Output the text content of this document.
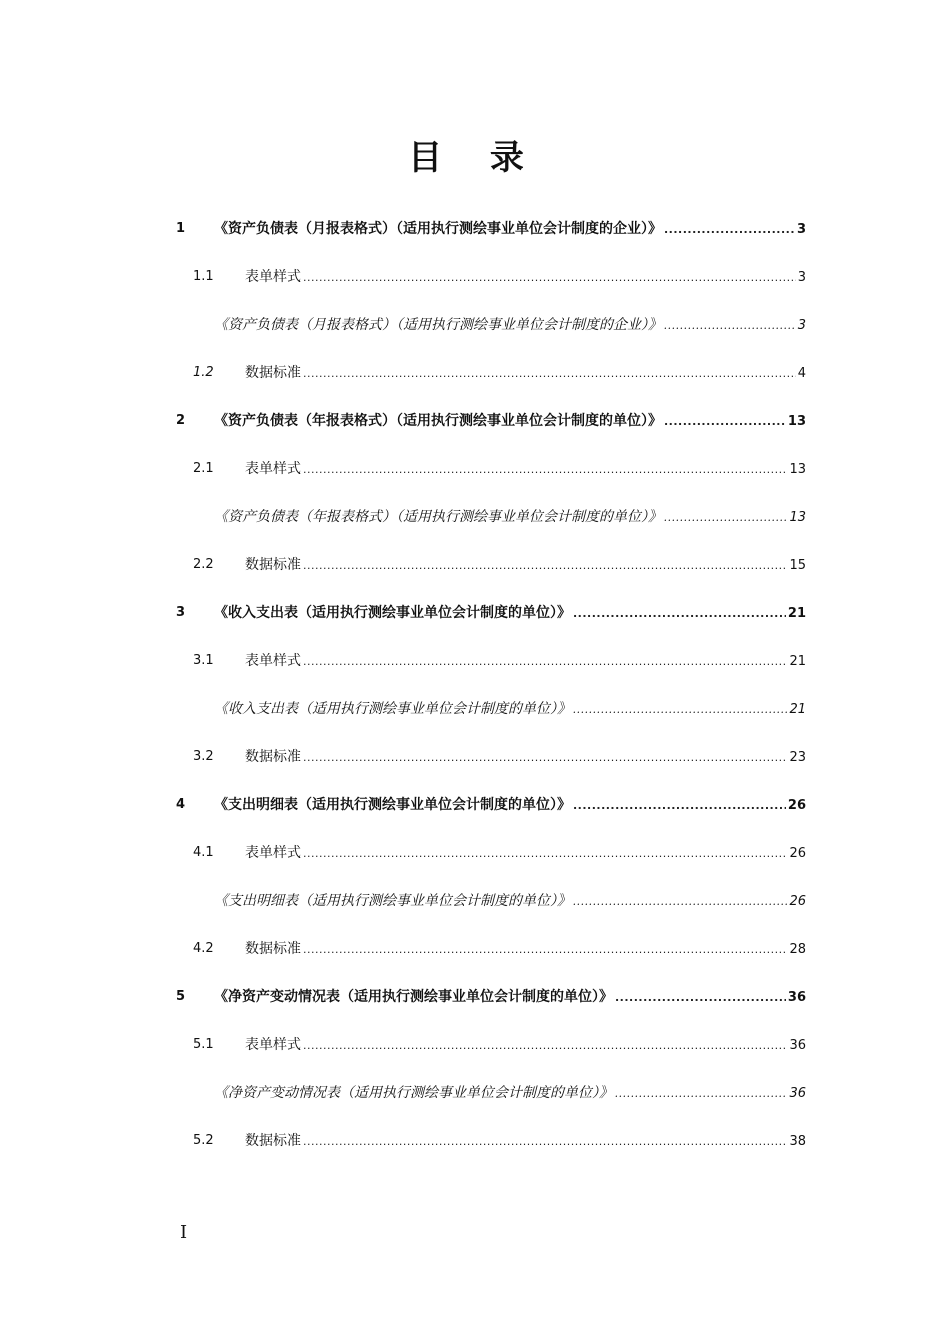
目 录
1 《资产负债表（月报表格式）（适用执行测绘事业单位会计制度的企业）》 .....	3
1.1 表单样式 .....	3
《资产负债表（月报表格式）（适用执行测绘事业单位会计制度的企业）》 .....	3
1.2 数据标准 .....	4
2 《资产负债表（年报表格式）（适用执行测绘事业单位会计制度的单位）》 .....	13
2.1 表单样式 .....	13
《资产负债表（年报表格式）（适用执行测绘事业单位会计制度的单位）》 .....	13
2.2 数据标准 .....	15
3 《收入支出表（适用执行测绘事业单位会计制度的单位）》 .....	21
3.1 表单样式 .....	21
《收入支出表（适用执行测绘事业单位会计制度的单位）》 .....	21
3.2 数据标准 .....	23
4 《支出明细表（适用执行测绘事业单位会计制度的单位）》 .....	26
4.1 表单样式 .....	26
《支出明细表（适用执行测绘事业单位会计制度的单位）》 .....	26
4.2 数据标准 .....	28
5 《净资产变动情况表（适用执行测绘事业单位会计制度的单位）》 .....	36
5.1 表单样式 .....	36
《净资产变动情况表（适用执行测绘事业单位会计制度的单位）》 .....	36
5.2 数据标准 .....	38
I
